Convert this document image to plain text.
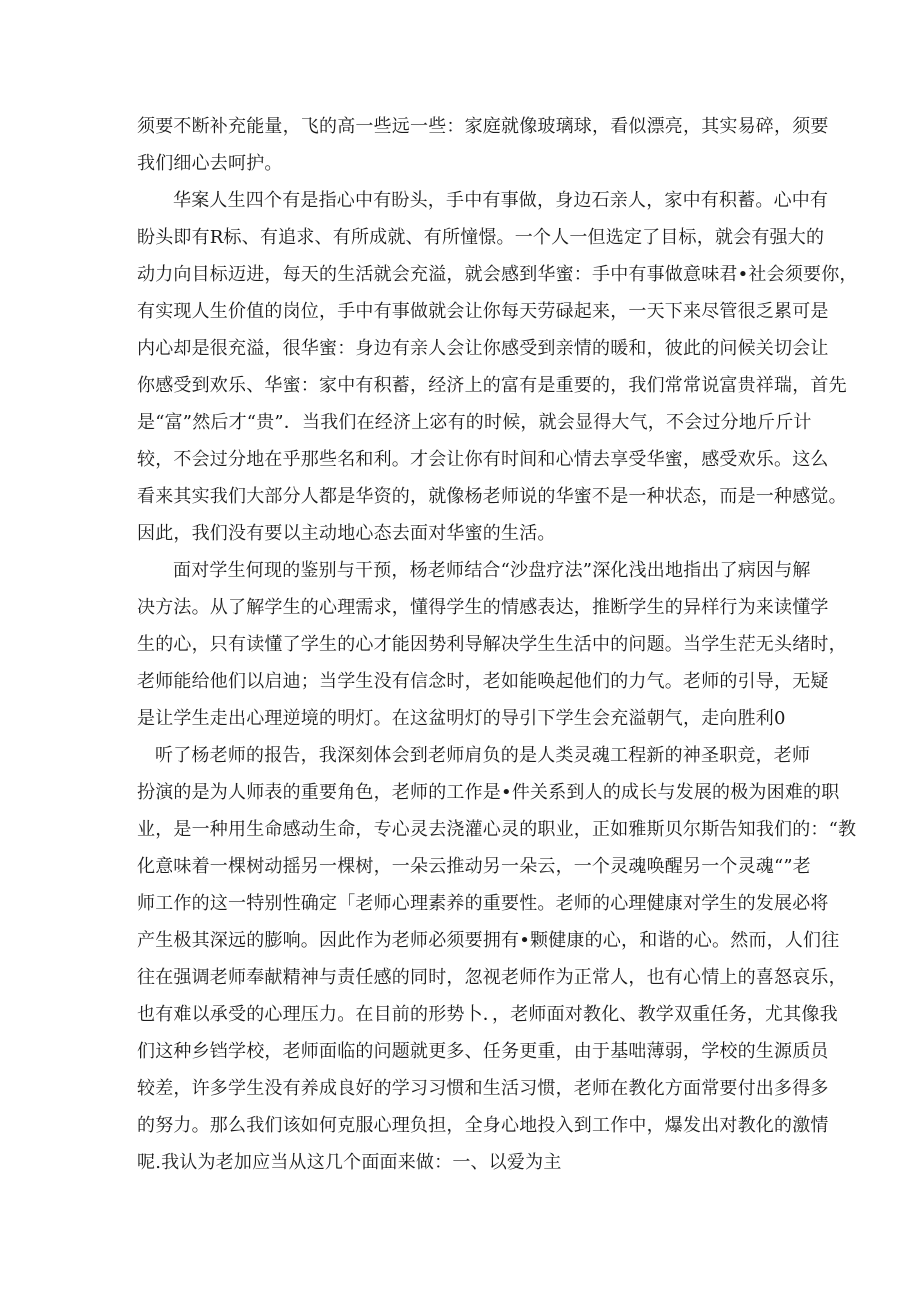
须要不断补充能量，飞的高一些远一些：家庭就像玻璃球，看似漂亮，其实易碎，须要
我们细心去呵护。
华案人生四个有是指心中有盼头，手中有事做，身边石亲人，家中有积蓄。心中有
盼头即有R标、有追求、有所成就、有所憧憬。一个人一但选定了目标，就会有强大的
动力向目标迈进，每天的生活就会充溢，就会感到华蜜：手中有事做意味君•社会须要你，
有实现人生价值的岗位，手中有事做就会让你每天劳碌起来，一天下来尽管很乏累可是
内心却是很充溢，很华蜜：身边有亲人会让你感受到亲情的暖和，彼此的问候关切会让
你感受到欢乐、华蜜：家中有积蓄，经济上的富有是重要的，我们常常说富贵祥瑞，首先
是“富”然后才“贵”．当我们在经济上宓有的时候，就会显得大气，不会过分地斤斤计
较，不会过分地在乎那些名和利。才会让你有时间和心情去享受华蜜，感受欢乐。这么
看来其实我们大部分人都是华资的，就像杨老师说的华蜜不是一种状态，而是一种感觉。
因此，我们没有要以主动地心态去面对华蜜的生活。
面对学生何现的鉴别与干预，杨老师结合“沙盘疗法”深化浅出地指出了病因与解
决方法。从了解学生的心理需求，懂得学生的情感表达，推断学生的异样行为来读懂学
生的心，只有读懂了学生的心才能因势利导解决学生生活中的问题。当学生茫无头绪时，
老师能给他们以启迪；当学生没有信念时，老如能唤起他们的力气。老师的引导，无疑
是让学生走出心理逆境的明灯。在这盆明灯的导引下学生会充溢朝气，走向胜利0
听了杨老师的报告，我深刻体会到老师肩负的是人类灵魂工程新的神圣职竞，老师
扮演的是为人师表的重要角色，老师的工作是•件关系到人的成长与发展的极为困难的职
业，是一种用生命感动生命，专心灵去浇灌心灵的职业，正如雅斯贝尔斯告知我们的：“教
化意味着一棵树动摇另一棵树，一朵云推动另一朵云，一个灵魂唤醒另一个灵魂“”老
师工作的这一特别性确定「老师心理素养的重要性。老师的心理健康对学生的发展必将
产生极其深远的膨响。因此作为老师必须要拥有•颗健康的心，和谐的心。然而，人们往
往在强调老师奉献精神与责任感的同时，忽视老师作为正常人，也有心情上的喜怒哀乐，
也有难以承受的心理压力。在目前的形势卜．，老师面对教化、教学双重任务，尤其像我
们这种乡铛学校，老师面临的问题就更多、任务更重，由于基咄薄弱，学校的生源质员
较差，许多学生没有养成良好的学习习惯和生活习惯，老师在教化方面常要付出多得多
的努力。那么我们该如何克服心理负担，全身心地投入到工作中，爆发出对教化的激情
呢.我认为老加应当从这几个面面来做：一、以爱为主
